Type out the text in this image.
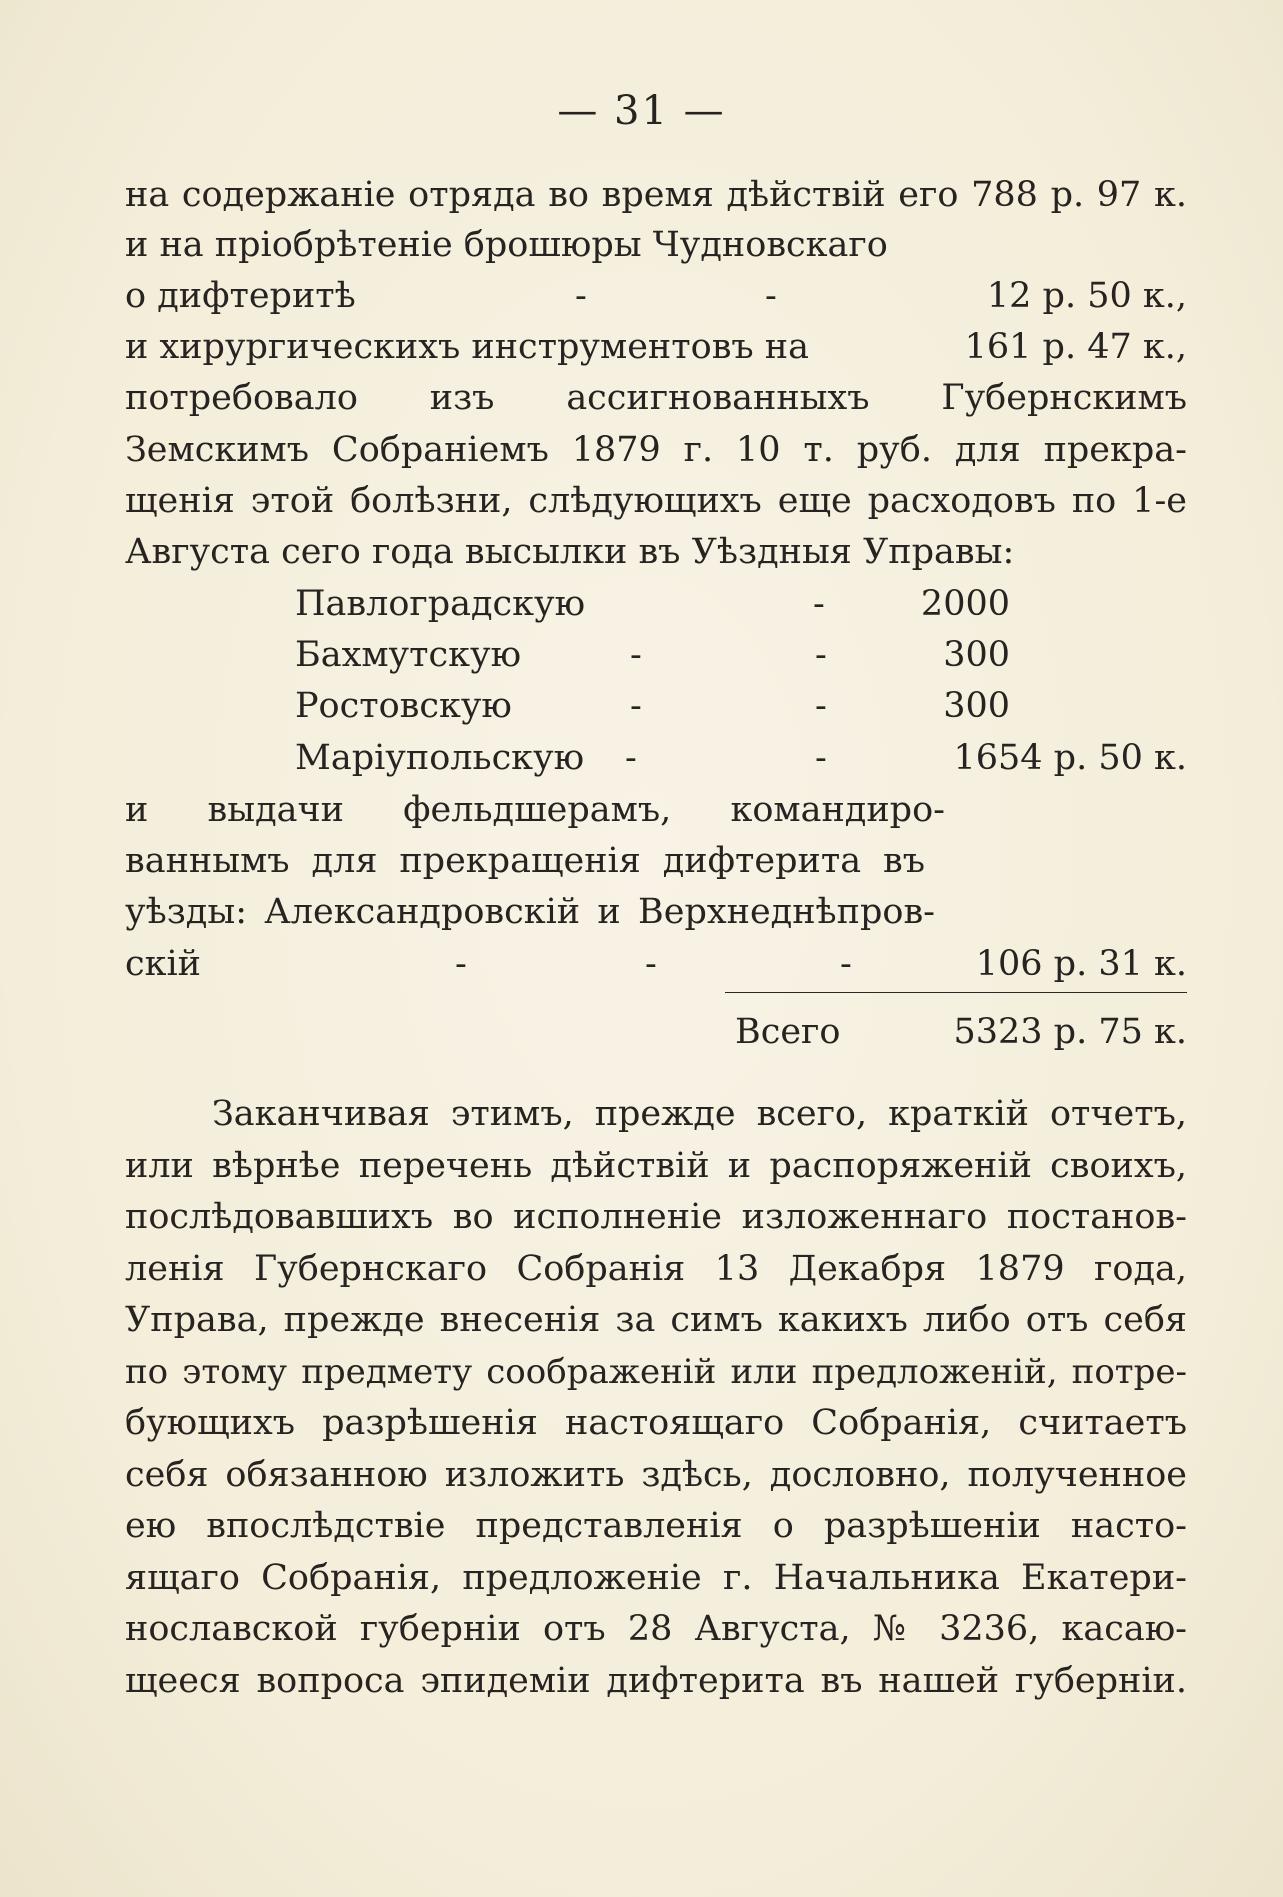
— 31 —
на содержанie отряда во время дѣйствiй его 788 р. 97 к.
и на прiобрѣтенiе брошюры Чудновскаго
о дифтеритѣ	-	-	12 р. 50 к.,
и хирургическихъ инструментовъ на	161 р. 47 к.,
потребовало изъ ассигнованныхъ Губернскимъ
Земскимъ Собранiемъ 1879 г. 10 т. руб. для прекра-
щенiя этой болѣзни, слѣдующихъ еще расходовъ по 1-е
Августа сего года высылки въ Уѣздныя Управы:
Павлоградскую	-	2000
Бахмутскую	-	-	300
Ростовскую	-	-	300
Марiупольскую -	-	1654 р. 50 к.
и выдачи фельдшерамъ, командиро-
ваннымъ для прекращенiя дифтерита въ
уѣзды: Александровскiй и Верхнеднѣпров-
скiй	-	-	-	106 р. 31 к.
Всего	5323 р. 75 к.
Заканчивая этимъ, прежде всего, краткiй отчетъ,
или вѣрнѣе перечень дѣйствiй и распоряженiй своихъ,
послѣдовавшихъ во исполненiе изложеннаго постанов-
ленiя Губернскаго Собранiя 13 Декабря 1879 года,
Управа, прежде внесенiя за симъ какихъ либо отъ себя
по этому предмету соображенiй или предложенiй, потре-
бующихъ разрѣшенiя настоящаго Собранiя, считаетъ
себя обязанною изложить здѣсь, дословно, полученное
ею впослѣдствiе представленiя о разрѣшенiи насто-
ящаго Собранiя, предложенiе г. Начальника Екатери-
нославской губернiи отъ 28 Августа, № 3236, касаю-
щееся вопроса эпидемiи дифтерита въ нашей губернiи.
